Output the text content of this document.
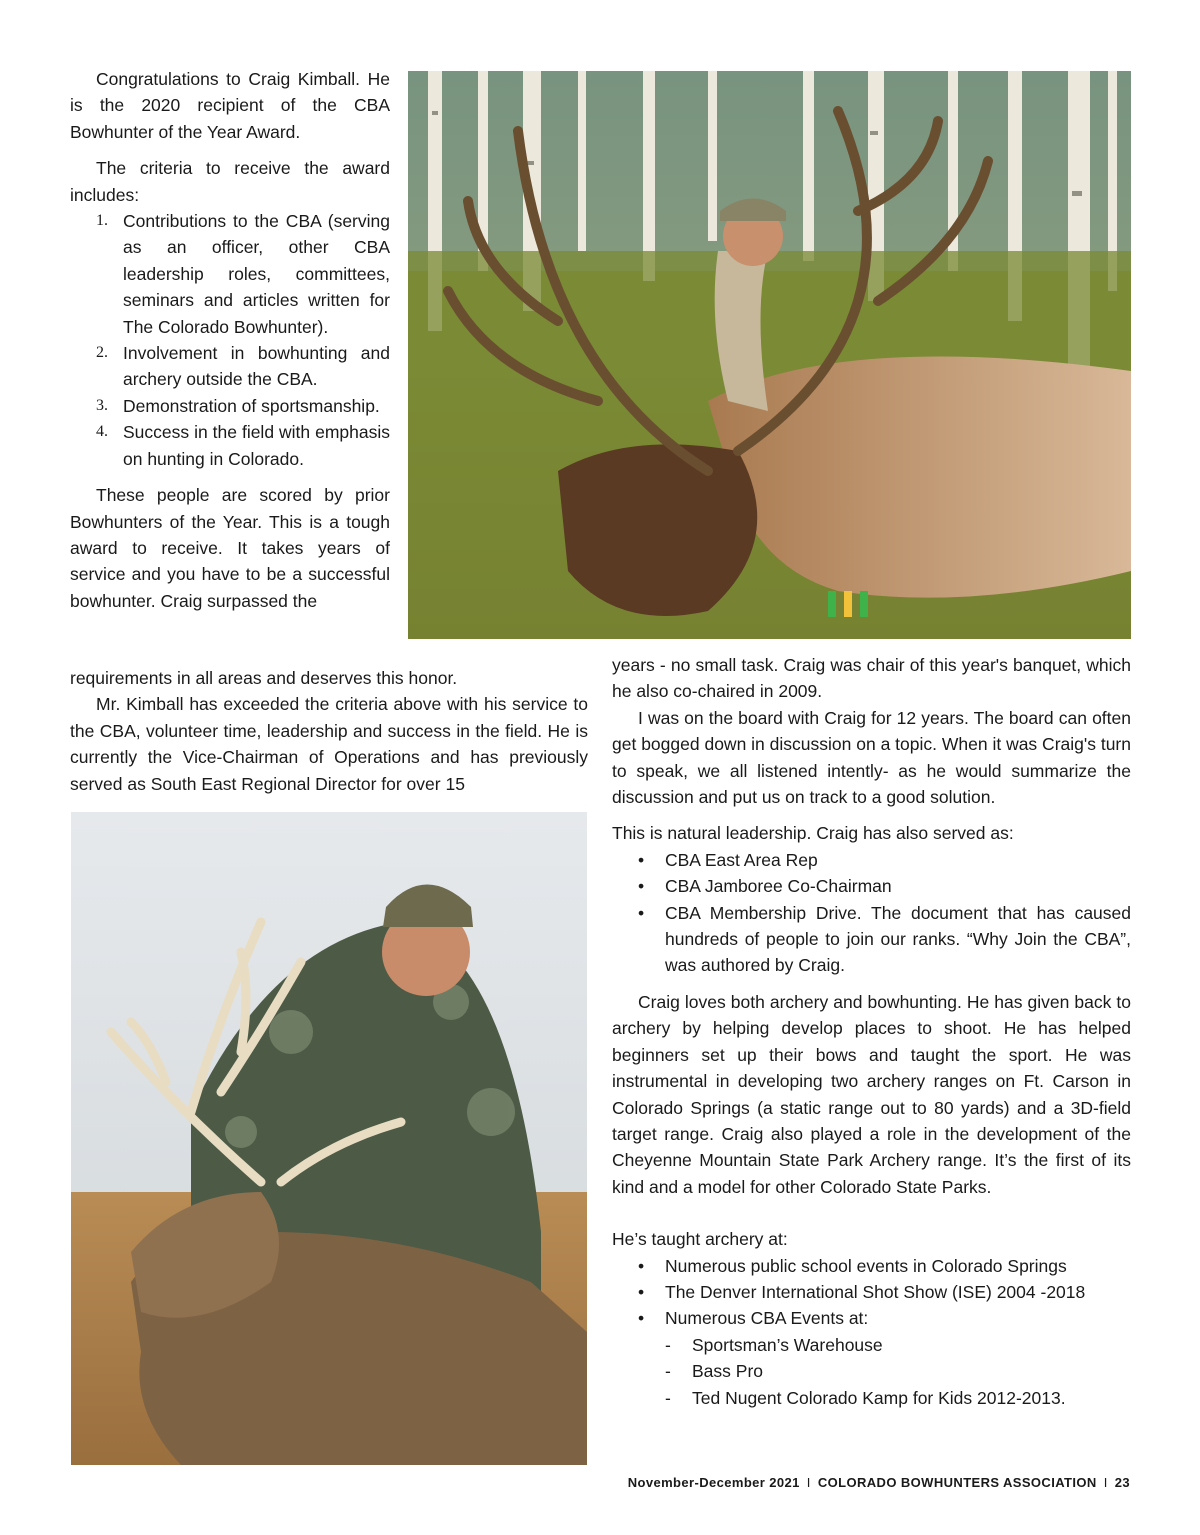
Congratulations to Craig Kimball. He is the 2020 recipient of the CBA Bowhunter of the Year Award.

The criteria to receive the award includes:

1. Contributions to the CBA (serving as an officer, other CBA leadership roles, committees, seminars and articles written for The Colorado Bowhunter).
2. Involvement in bowhunting and archery outside the CBA.
3. Demonstration of sportsmanship.
4. Success in the field with emphasis on hunting in Colorado.

These people are scored by prior Bowhunters of the Year. This is a tough award to receive. It takes years of service and you have to be a successful bowhunter. Craig surpassed the

requirements in all areas and deserves this honor.

Mr. Kimball has exceeded the criteria above with his service to the CBA, volunteer time, leadership and success in the field. He is currently the Vice-Chairman of Operations and has previously served as South East Regional Director for over 15

years - no small task. Craig was chair of this year's banquet, which he also co-chaired in 2009.

I was on the board with Craig for 12 years. The board can often get bogged down in discussion on a topic. When it was Craig's turn to speak, we all listened intently- as he would summarize the discussion and put us on track to a good solution.

This is natural leadership. Craig has also served as:

• CBA East Area Rep
• CBA Jamboree Co-Chairman
• CBA Membership Drive. The document that has caused hundreds of people to join our ranks. “Why Join the CBA”, was authored by Craig.

Craig loves both archery and bowhunting. He has given back to archery by helping develop places to shoot. He has helped beginners set up their bows and taught the sport. He was instrumental in developing two archery ranges on Ft. Carson in Colorado Springs (a static range out to 80 yards) and a 3D-field target range. Craig also played a role in the development of the Cheyenne Mountain State Park Archery range. It’s the first of its kind and a model for other Colorado State Parks.

He’s taught archery at:

• Numerous public school events in Colorado Springs
• The Denver International Shot Show (ISE) 2004 -2018
• Numerous CBA Events at:
- Sportsman’s Warehouse
- Bass Pro
- Ted Nugent Colorado Kamp for Kids 2012-2013.
November-December 2021 I COLORADO BOWHUNTERS ASSOCIATION I 23
